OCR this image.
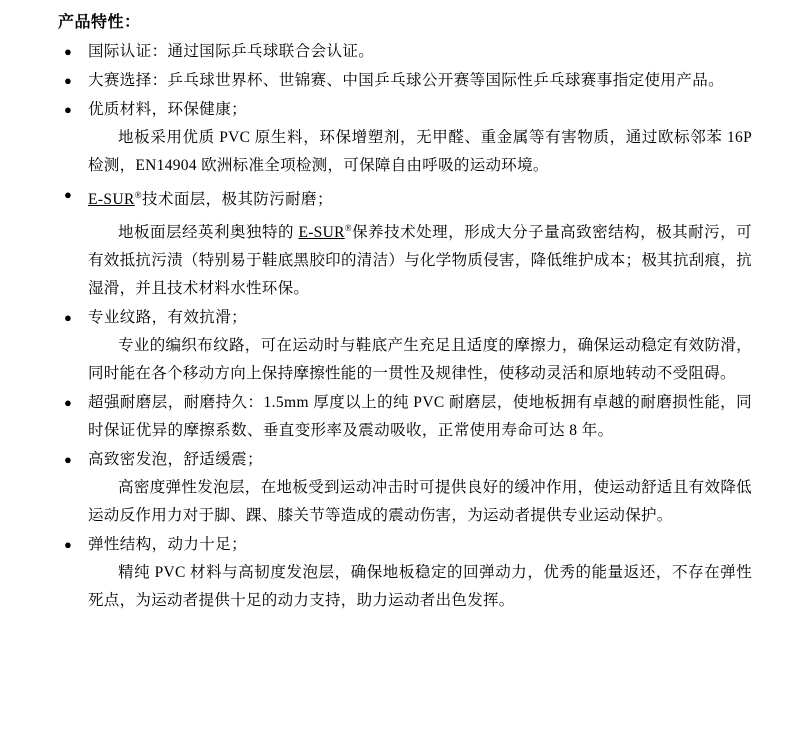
产品特性：
● 国际认证：通过国际乒乓球联合会认证。
● 大赛选择：乒乓球世界杯、世锦赛、中国乒乓球公开赛等国际性乒乓球赛事指定使用产品。
● 优质材料，环保健康；
地板采用优质 PVC 原生料，环保增塑剂，无甲醛、重金属等有害物质，通过欧标邻苯 16P 检测，EN14904 欧洲标准全项检测，可保障自由呼吸的运动环境。
● E-SUR®技术面层，极其防污耐磨；
地板面层经英利奥独特的 E-SUR®保养技术处理，形成大分子量高致密结构，极其耐污，可有效抵抗污渍（特别易于鞋底黑胶印的清洁）与化学物质侵害，降低维护成本；极其抗刮痕，抗湿滑，并且技术材料水性环保。
● 专业纹路，有效抗滑；
专业的编织布纹路，可在运动时与鞋底产生充足且适度的摩擦力，确保运动稳定有效防滑，同时能在各个移动方向上保持摩擦性能的一贯性及规律性，使移动灵活和原地转动不受阻碍。
● 超强耐磨层，耐磨持久：1.5mm 厚度以上的纯 PVC 耐磨层，使地板拥有卓越的耐磨损性能，同时保证优异的摩擦系数、垂直变形率及震动吸收，正常使用寿命可达 8 年。
● 高致密发泡，舒适缓震；
高密度弹性发泡层，在地板受到运动冲击时可提供良好的缓冲作用，使运动舒适且有效降低运动反作用力对于脚、踝、膝关节等造成的震动伤害，为运动者提供专业运动保护。
● 弹性结构，动力十足；
精纯 PVC 材料与高韧度发泡层，确保地板稳定的回弹动力，优秀的能量返还，不存在弹性死点，为运动者提供十足的动力支持，助力运动者出色发挥。
